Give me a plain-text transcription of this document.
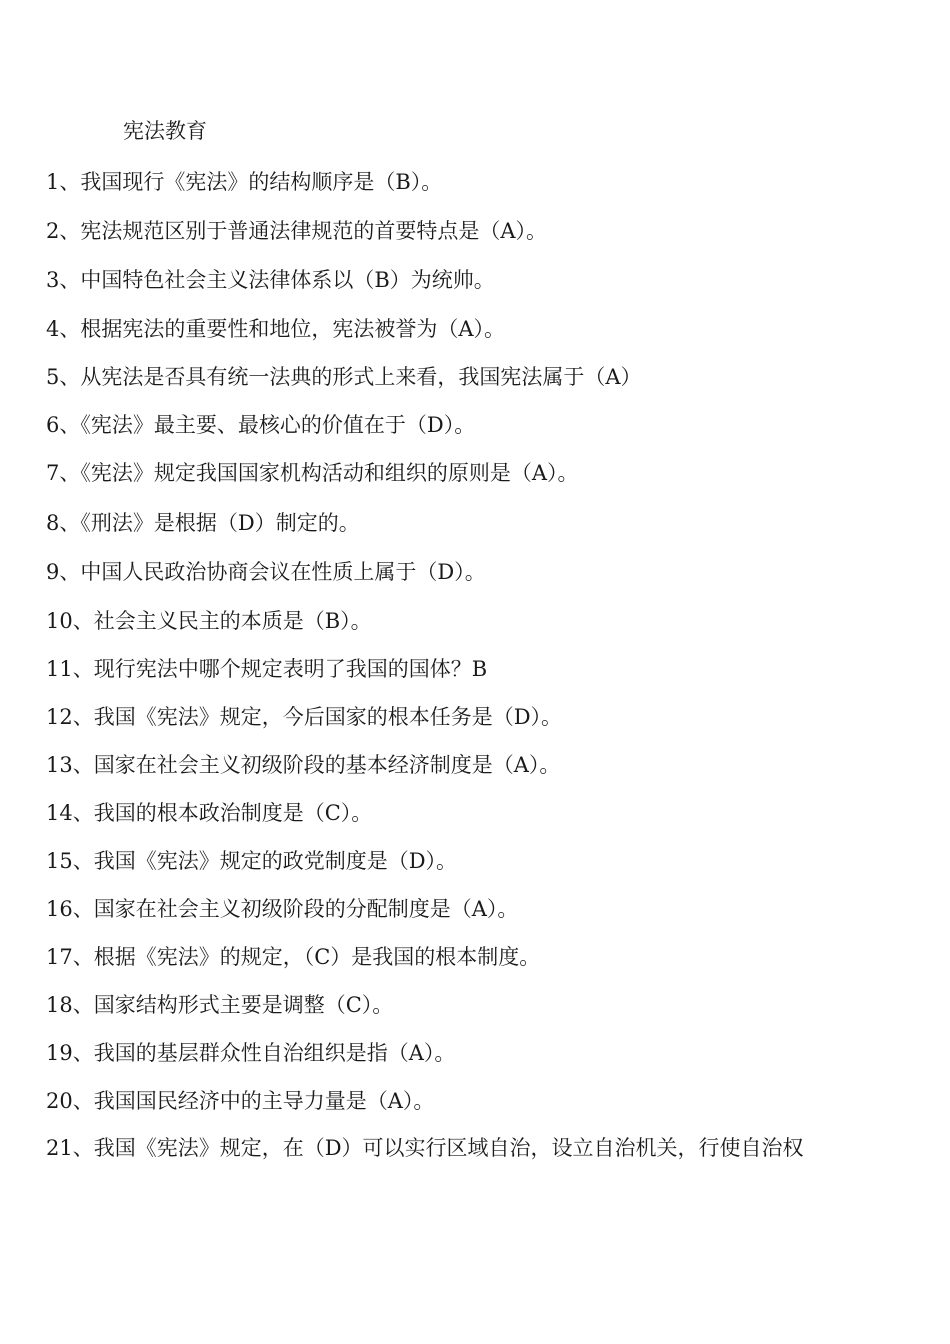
宪法教育
1、我国现行《宪法》的结构顺序是（B）。
2、宪法规范区别于普通法律规范的首要特点是（A）。
3、中国特色社会主义法律体系以（B）为统帅。
4、根据宪法的重要性和地位，宪法被誉为（A）。
5、从宪法是否具有统一法典的形式上来看，我国宪法属于（A）
6、《宪法》最主要、最核心的价值在于（D）。
7、《宪法》规定我国国家机构活动和组织的原则是（A）。
8、《刑法》是根据（D）制定的。
9、中国人民政治协商会议在性质上属于（D）。
10、社会主义民主的本质是（B）。
11、现行宪法中哪个规定表明了我国的国体？B
12、我国《宪法》规定，今后国家的根本任务是（D）。
13、国家在社会主义初级阶段的基本经济制度是（A）。
14、我国的根本政治制度是（C）。
15、我国《宪法》规定的政党制度是（D）。
16、国家在社会主义初级阶段的分配制度是（A）。
17、根据《宪法》的规定，（C）是我国的根本制度。
18、国家结构形式主要是调整（C）。
19、我国的基层群众性自治组织是指（A）。
20、我国国民经济中的主导力量是（A）。
21、我国《宪法》规定，在（D）可以实行区域自治，设立自治机关，行使自治权
